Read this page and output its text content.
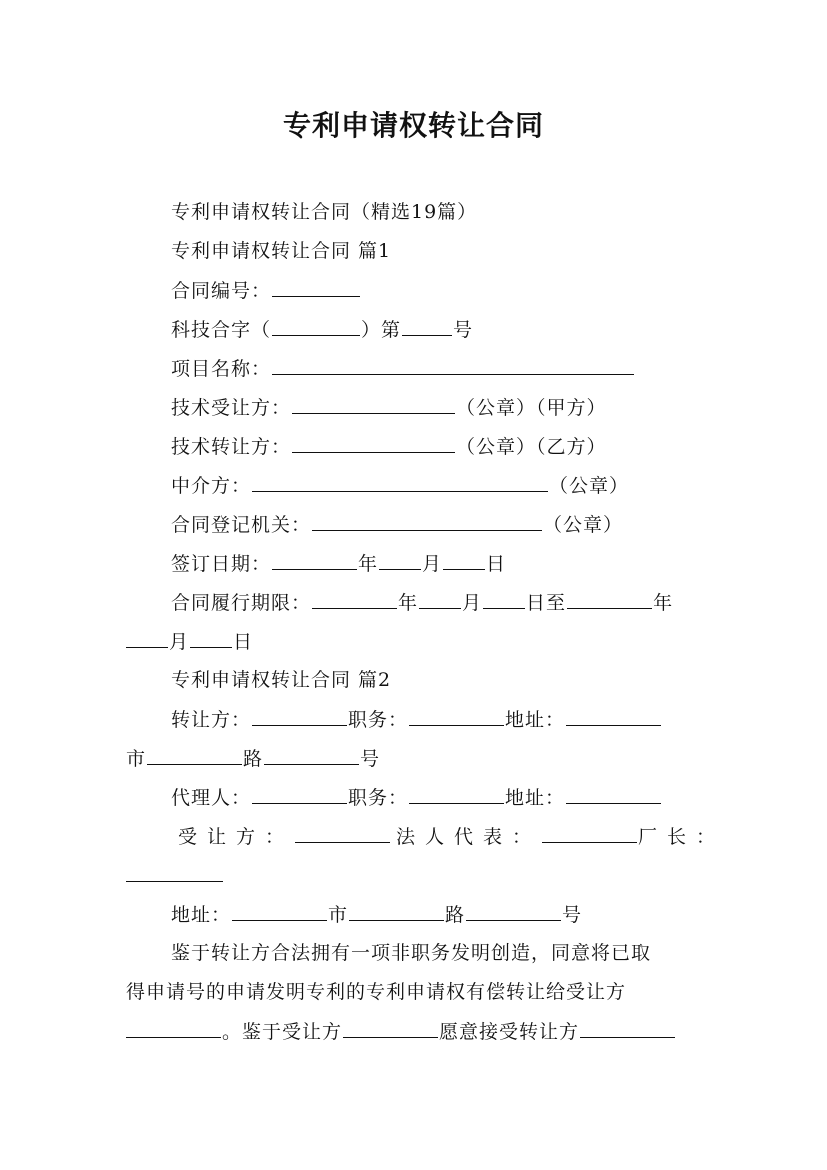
专利申请权转让合同
专利申请权转让合同（精选19篇）
专利申请权转让合同 篇1
合同编号：
科技合字（	）第	号
项目名称：
技术受让方：	（公章）（甲方）
技术转让方：	（公章）（乙方）
中介方：	（公章）
合同登记机关：	（公章）
签订日期：	年 月 日
合同履行期限：	年 月 日至	年
月 日
专利申请权转让合同 篇2
转让方：	职务：	地址：
市	路	号
代理人：	职务：	地址：
受让方：	法人代表：	厂长：
地址：	市	路	号
鉴于转让方合法拥有一项非职务发明创造，同意将已取
得申请号的申请发明专利的专利申请权有偿转让给受让方
。鉴于受让方	愿意接受转让方
